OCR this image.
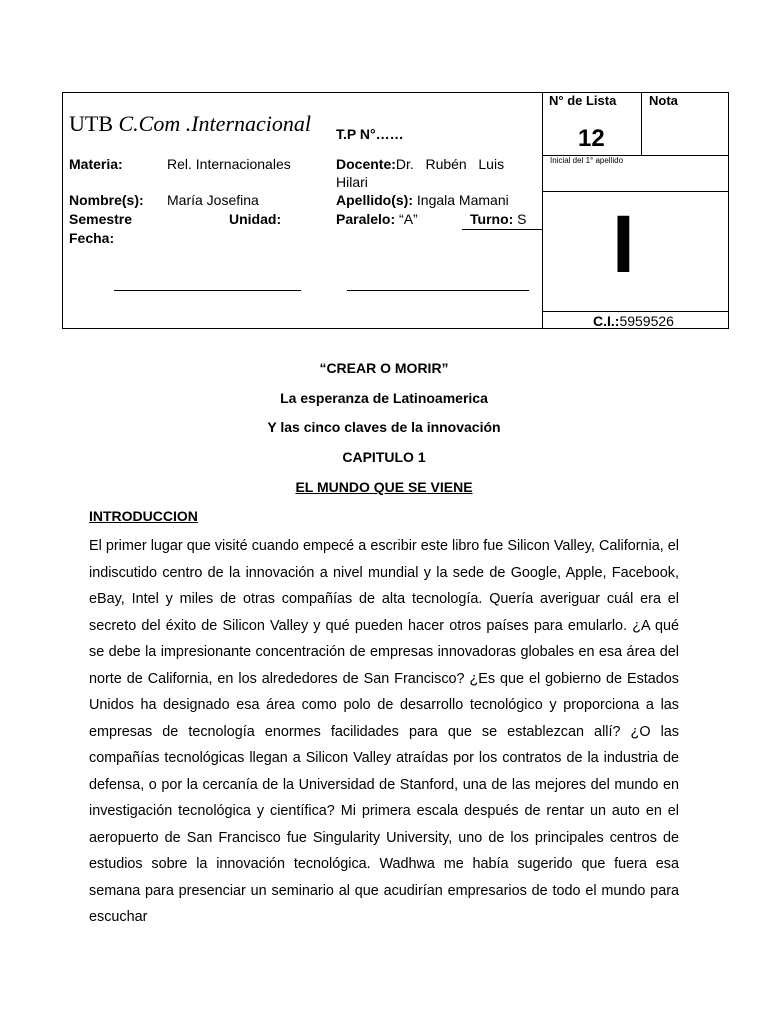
UTB C.Com .Internacional T.P N°……
Materia:	Rel. Internacionales	Docente:Dr.   Rubén   Luis
Hilari
Nombre(s): María Josefina	Apellido(s): Ingala Mamani
Semestre	Unidad:	Paralelo: “A”	Turno: S
Fecha:
N° de Lista	Nota
12
Inicial del 1° apellido
I
C.I.:5959526
“CREAR O MORIR”
La esperanza de Latinoamerica
Y las cinco claves de la innovación
CAPITULO 1
EL MUNDO QUE SE VIENE
INTRODUCCION
El primer lugar que visité cuando empecé a escribir este libro fue Silicon Valley, California, el indiscutido centro de la innovación a nivel mundial y la sede de Google, Apple, Facebook, eBay, Intel y miles de otras compañías de alta tecnología. Quería averiguar cuál era el secreto del éxito de Silicon Valley y qué pueden hacer otros países para emularlo. ¿A qué se debe la impresionante concentración de empresas innovadoras globales en esa área del norte de California, en los alrededores de San Francisco? ¿Es que el gobierno de Estados Unidos ha designado esa área como polo de desarrollo tecnológico y proporciona a las empresas de tecnología enormes facilidades para que se establezcan allí? ¿O las compañías tecnológicas llegan a Silicon Valley atraídas por los contratos de la industria de defensa, o por la cercanía de la Universidad de Stanford, una de las mejores del mundo en investigación tecnológica y científica? Mi primera escala después de rentar un auto en el aeropuerto de San Francisco fue Singularity University, uno de los principales centros de estudios sobre la innovación tecnológica. Wadhwa me había sugerido que fuera esa semana para presenciar un seminario al que acudirían empresarios de todo el mundo para escuchar
